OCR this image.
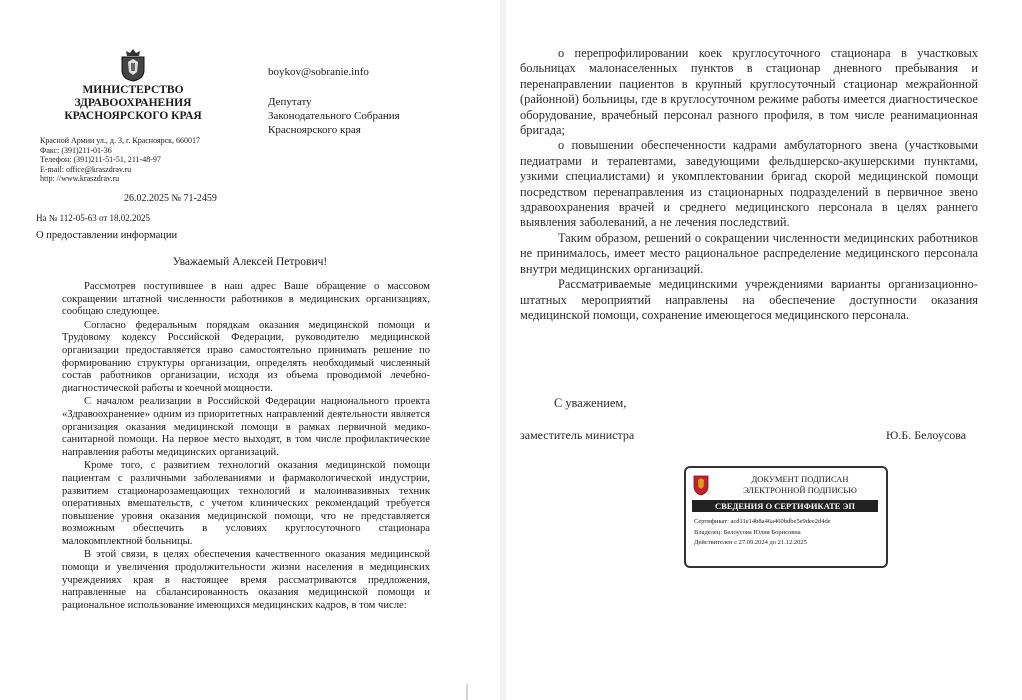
МИНИСТЕРСТВО
ЗДРАВООХРАНЕНИЯ
КРАСНОЯРСКОГО КРАЯ
Красной Армии ул., д. 3, г. Красноярск, 660017
Факс: (391)211-01-36
Телефон: (391)211-51-51, 211-48-97
E-mail: office@kraszdrav.ru
http: //www.kraszdrav.ru
boykov@sobranie.info
Депутату
Законодательного Собрания
Красноярского края
26.02.2025 № 71-2459
На № 112-05-63 от 18.02.2025
О предоставлении информации
Уважаемый Алексей Петрович!

Рассмотрев поступившее в наш адрес Ваше обращение о массовом сокращении штатной численности работников в медицинских организациях, сообщаю следующее.

Согласно федеральным порядкам оказания медицинской помощи и Трудовому кодексу Российской Федерации, руководителю медицинской организации предоставляется право самостоятельно принимать решение по формированию структуры организации, определять необходимый численный состав работников организации, исходя из объема проводимой лечебно-диагностической работы и коечной мощности.

С началом реализации в Российской Федерации национального проекта «Здравоохранение» одним из приоритетных направлений деятельности является организация оказания медицинской помощи в рамках первичной медико-санитарной помощи. На первое место выходят, в том числе профилактические направления работы медицинских организаций.

Кроме того, с развитием технологий оказания медицинской помощи пациентам с различными заболеваниями и фармакологической индустрии, развитием стационарозамещающих технологий и малоинвазивных техник оперативных вмешательств, с учетом клинических рекомендаций требуется повышение уровня оказания медицинской помощи, что не представляется возможным обеспечить в условиях круглосуточного стационара малокомплектной больницы.

В этой связи, в целях обеспечения качественного оказания медицинской помощи и увеличения продолжительности жизни населения в медицинских учреждениях края в настоящее время рассматриваются предложения, направленные на сбалансированность оказания медицинской помощи и рациональное использование имеющихся медицинских кадров, в том числе:

о перепрофилировании коек круглосуточного стационара в участковых больницах малонаселенных пунктов в стационар дневного пребывания и перенаправлении пациентов в крупный круглосуточный стационар межрайонной (районной) больницы, где в круглосуточном режиме работы имеется диагностическое оборудование, врачебный персонал разного профиля, в том числе реанимационная бригада;

о повышении обеспеченности кадрами амбулаторного звена (участковыми педиатрами и терапевтами, заведующими фельдшерско-акушерскими пунктами, узкими специалистами) и укомплектовании бригад скорой медицинской помощи посредством перенаправления из стационарных подразделений в первичное звено здравоохранения врачей и среднего медицинского персонала в целях раннего выявления заболеваний, а не лечения последствий.

Таким образом, решений о сокращении численности медицинских работников не принималось, имеет место рациональное распределение медицинского персонала внутри медицинских организаций.

Рассматриваемые медицинскими учреждениями варианты организационно-штатных мероприятий направлены на обеспечение доступности оказания медицинской помощи, сохранение имеющегося медицинского персонала.

С уважением,
заместитель министра	Ю.Б. Белоусова
ДОКУМЕНТ ПОДПИСАН
ЭЛЕКТРОННОЙ ПОДПИСЬЮ
СВЕДЕНИЯ О СЕРТИФИКАТЕ ЭП
Сертификат: acd11e14b8a46a460bdbe5e9dee2d4de
Владелец: Белоусова Юлия Борисовна
Действителен с 27.09.2024 до 21.12.2025
